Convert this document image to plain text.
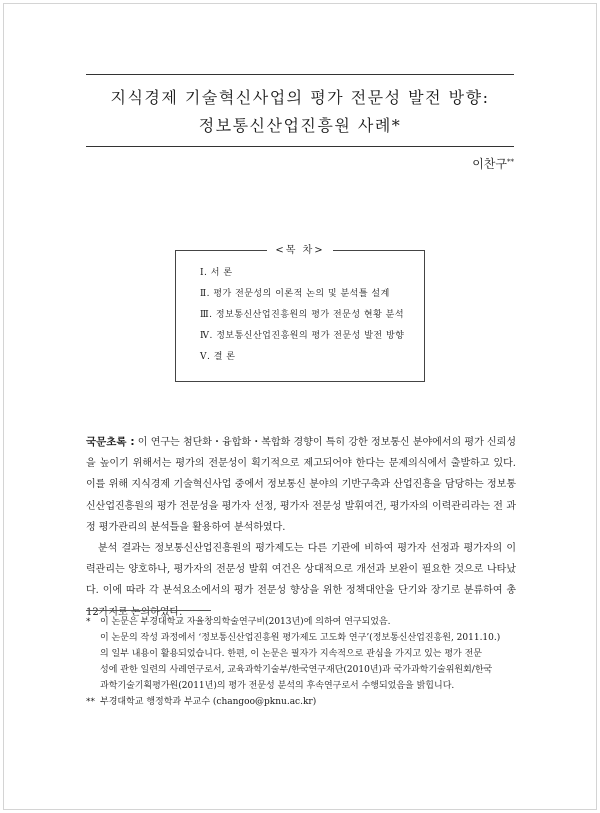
지식경제 기술혁신사업의 평가 전문성 발전 방향:
정보통신산업진흥원 사례*
이찬구**
<목 차>
Ⅰ. 서 론
Ⅱ. 평가 전문성의 이론적 논의 및 분석틀 설계
Ⅲ. 정보통신산업진흥원의 평가 전문성 현황 분석
Ⅳ. 정보통신산업진흥원의 평가 전문성 발전 방향
Ⅴ. 결 론

국문초록 : 이 연구는 첨단화・융합화・복합화 경향이 특히 강한 정보통신 분야에서의 평가 신뢰성을 높이기 위해서는 평가의 전문성이 획기적으로 제고되어야 한다는 문제의식에서 출발하고 있다. 이를 위해 지식경제 기술혁신사업 중에서 정보통신 분야의 기반구축과 산업진흥을 담당하는 정보통신산업진흥원의 평가 전문성을 평가자 선정, 평가자 전문성 발휘여건, 평가자의 이력관리라는 전 과정 평가관리의 분석틀을 활용하여 분석하였다.

분석 결과는 정보통신산업진흥원의 평가제도는 다른 기관에 비하여 평가자 선정과 평가자의 이력관리는 양호하나, 평가자의 전문성 발휘 여건은 상대적으로 개선과 보완이 필요한 것으로 나타났다. 이에 따라 각 분석요소에서의 평가 전문성 향상을 위한 정책대안을 단기와 장기로 분류하여 총 12가지로 논의하였다.

*	이 논문은 부경대학교 자율창의학술연구비(2013년)에 의하여 연구되었음.
이 논문의 작성 과정에서 ‘정보통신산업진흥원 평가제도 고도화 연구’(정보통신산업진흥원, 2011.10.)
의 일부 내용이 활용되었습니다. 한편, 이 논문은 필자가 지속적으로 관심을 가지고 있는 평가 전문
성에 관한 일련의 사례연구로서, 교육과학기술부/한국연구재단(2010년)과 국가과학기술위원회/한국
과학기술기획평가원(2011년)의 평가 전문성 분석의 후속연구로서 수행되었음을 밝힙니다.
** 부경대학교 행정학과 부교수 (changoo@pknu.ac.kr)
